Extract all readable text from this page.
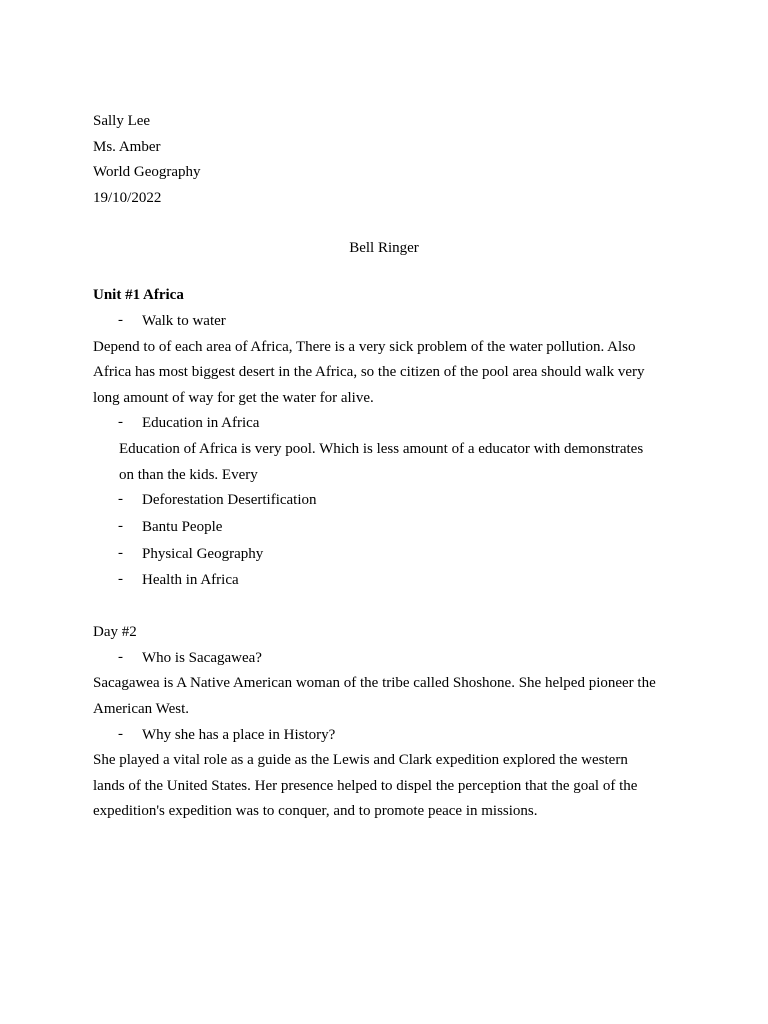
Sally Lee
Ms. Amber
World Geography
19/10/2022
Bell Ringer
Unit #1 Africa
- Walk to water
Depend to of each area of Africa, There is a very sick problem of the water pollution. Also
Africa has most biggest desert in the Africa, so the citizen of the pool area should walk very
long amount of way for get the water for alive.
- Education in Africa
Education of Africa is very pool. Which is less amount of a educator with demonstrates
on than the kids. Every
- Deforestation Desertification
- Bantu People
- Physical Geography
- Health in Africa
Day #2
- Who is Sacagawea?
Sacagawea is A Native American woman of the tribe called Shoshone. She helped pioneer the
American West.
- Why she has a place in History?
She played a vital role as a guide as the Lewis and Clark expedition explored the western
lands of the United States. Her presence helped to dispel the perception that the goal of the
expedition's expedition was to conquer, and to promote peace in missions.
